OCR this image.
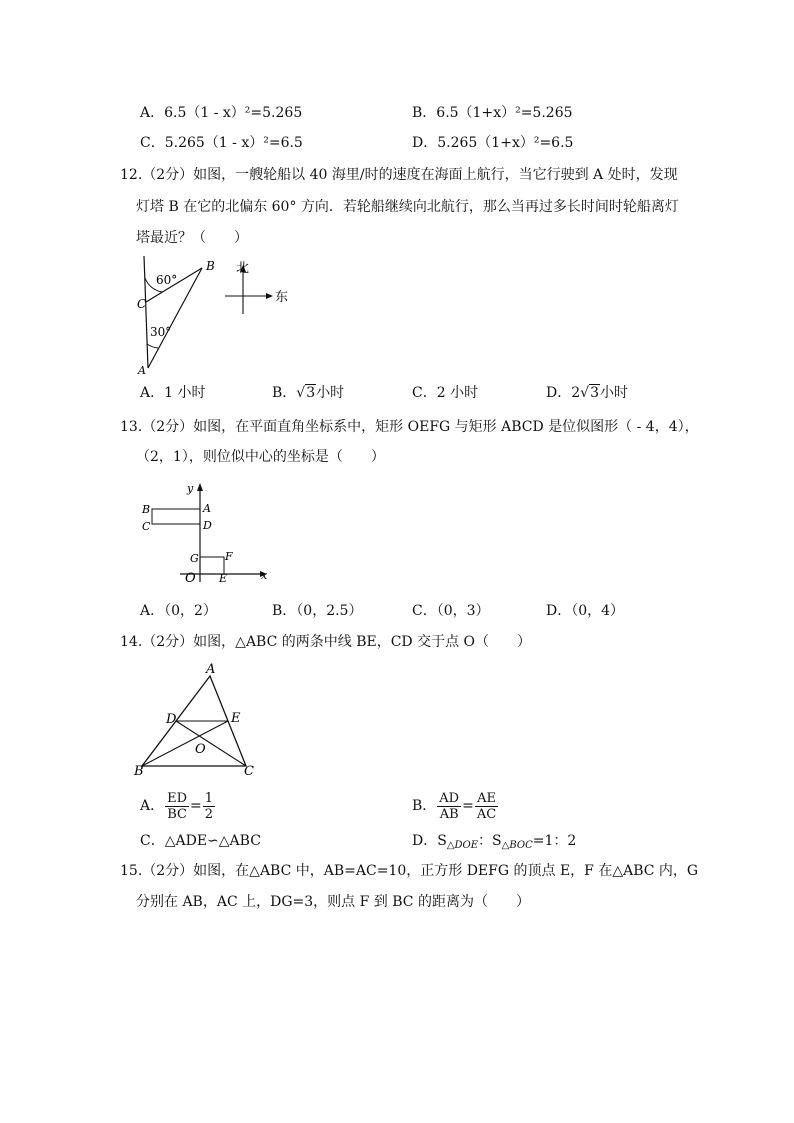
A．6.5（1 - x）²=5.265	B．6.5（1+x）²=5.265
C．5.265（1 - x）²=6.5	D．5.265（1+x）²=6.5
12.（2分）如图，一艘轮船以 40 海里/时的速度在海面上航行，当它行驶到 A 处时，发现
灯塔 B 在它的北偏东 60° 方向．若轮船继续向北航行，那么当再过多长时间时轮船离灯
塔最近？（　　）
60°
30°
B
C
A
北
东
A．1 小时	B．√3小时	C．2 小时	D．2√3小时
13.（2分）如图，在平面直角坐标系中，矩形 OEFG 与矩形 ABCD 是位似图形（ - 4，4），
（2，1），则位似中心的坐标是（　　）
y
x
B	A
C	D
G F
O E
A．（0，2）	B．（0，2.5）	C．（0，3）	D．（0，4）
14.（2分）如图，△ABC 的两条中线 BE，CD 交于点 O（　　）
A
D	E
O
B	C
A． $\frac{ED}{BC} = \frac{1}{2}$	B． $\frac{AD}{AB} = \frac{AE}{AC}$
C．△ADE∽△ABC	D．$S_{\triangle DOE}$：$S_{\triangle BOC}=1$：2
15.（2分）如图，在△ABC 中，AB=AC=10，正方形 DEFG 的顶点 E，F 在△ABC 内，G
分别在 AB，AC 上，DG=3，则点 F 到 BC 的距离为（　　）
